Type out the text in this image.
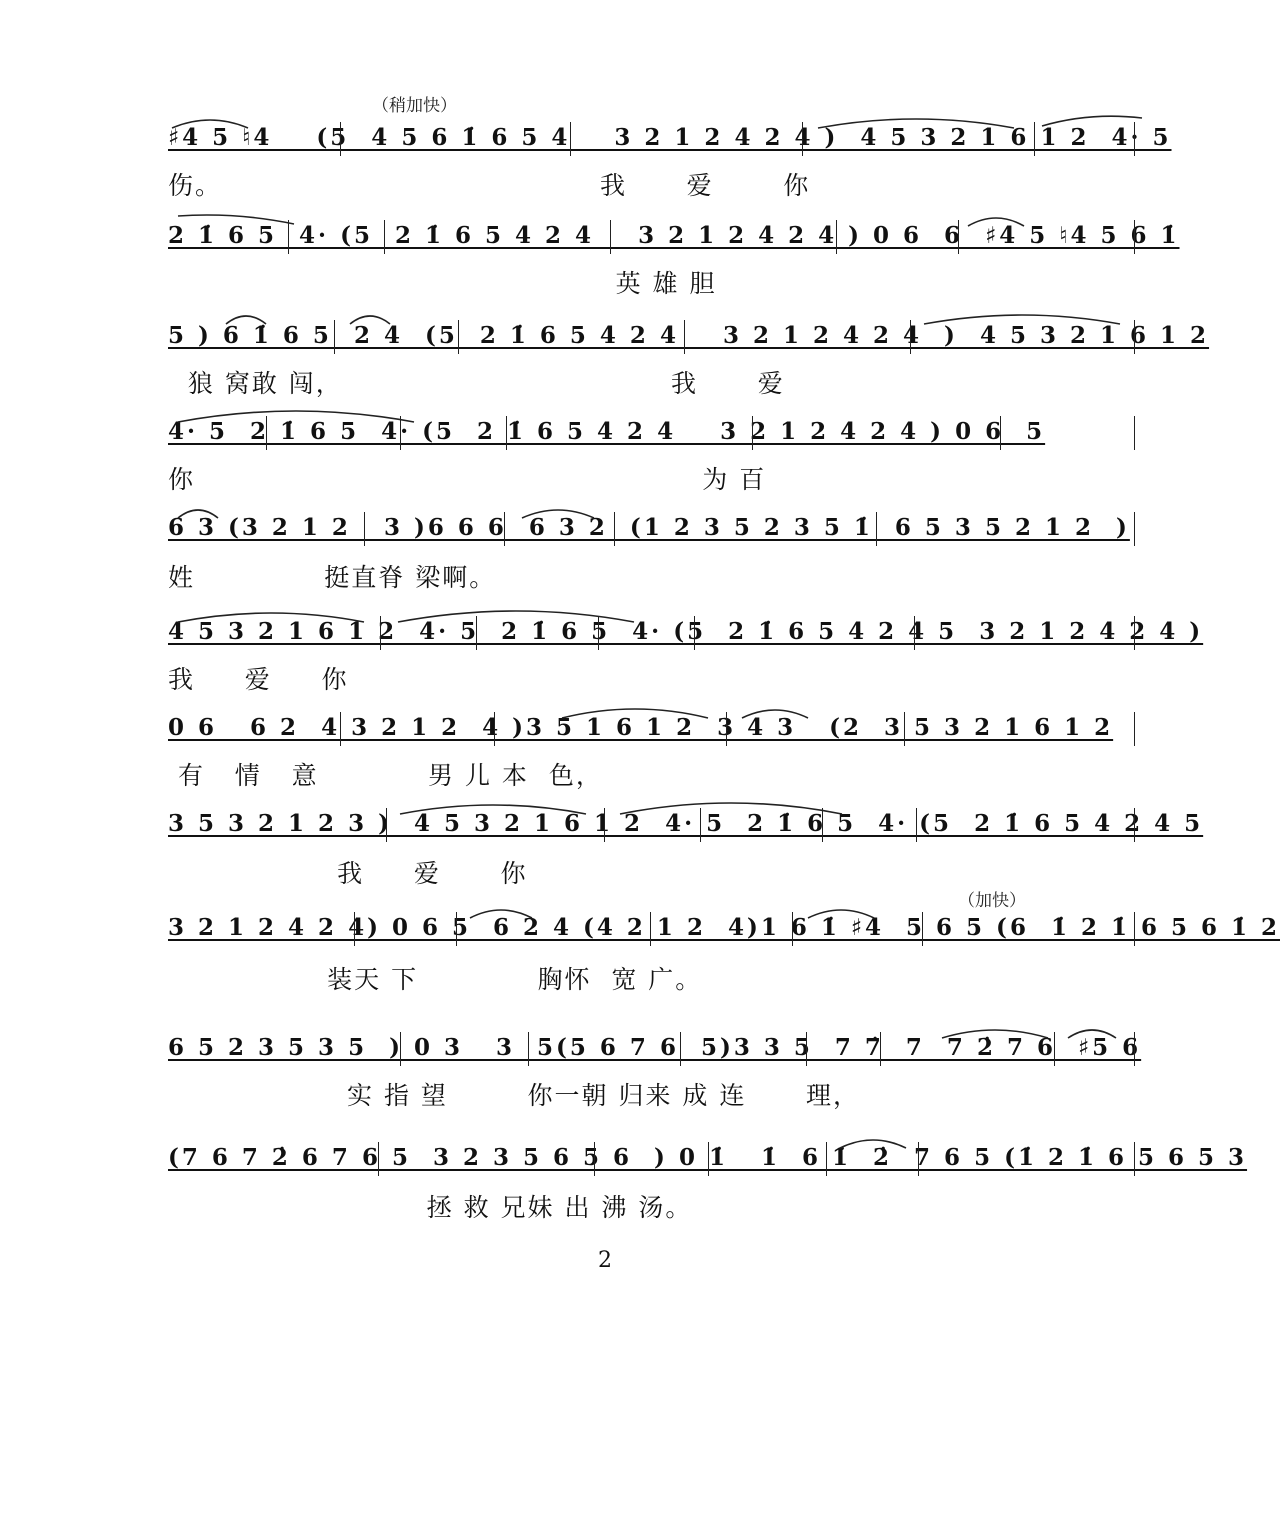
（稍加快）
（加快）
♯4 5 ♮4    (5  4 5 6 1̇ 6 5 4    3 2 1 2 4 2 4 )  4 5 3 2 1 6 1 2  4· 5
伤。                                      我      爱       你
2 1̇ 6 5  4· (5  2 1̇ 6 5 4 2 4    3 2 1 2 4 2 4 ) 0 6  6  ♯4 5 ♮4 5 6 1̇
英 雄 胆
5 ) 6 1̇ 6 5  2 4  (5  2 1̇ 6 5 4 2 4    3 2 1 2 4 2 4  )  4 5 3 2 1 6 1 2
狼 窝敢 闯，                                 我      爱
4· 5  2 1̇ 6 5  4· (5  2 1̇ 6 5 4 2 4    3 2 1 2 4 2 4 ) 0 6  5
你                                                   为 百
6 3 (3 2 1 2   3 )6 6 6  6 3 2  (1 2 3 5 2 3 5 1̇  6 5 3 5 2 1 2  )
姓             挺直脊 梁啊。
4 5 3 2 1 6 1 2  4· 5  2 1̇ 6 5  4· (5  2 1̇ 6 5 4 2 4 5  3 2 1 2 4 2 4 )
我     爱     你
0 6   6 2  4 3 2 1 2  4 )3 5 1 6 1 2  3 4 3   (2  3 5 3 2 1 6 1 2
有   情   意           男 儿 本  色，
3 5 3 2 1 2 3 )  4 5 3 2 1 6 1 2  4· 5  2 1̇ 6 5  4· (5  2 1̇ 6 5 4 2 4 5
我     爱      你
3 2 1 2 4 2 4) 0 6 5  6 2 4 (4 2 1 2  4)1 6 1̇ ♯4  5 6 5 (6  1̇ 2 1̇ 6 5 6 1̇ 2
装天 下            胸怀  宽 广。
6 5 2 3 5 3 5  ) 0 3   3  5(5 6 7 6  5)3 3 5  7 7̇  7  7 2̇ 7 6  ♯5 6
实 指 望        你一朝 归来 成 连      理，
(7 6 7 2̇ 6 7 6 5  3 2 3 5 6 5 6  ) 0 1̇   1̇  6 1̇  2̇  7 6 5 (1̇ 2 1̇ 6 5 6 5 3
拯 救 兄妹 出 沸 汤。
2
